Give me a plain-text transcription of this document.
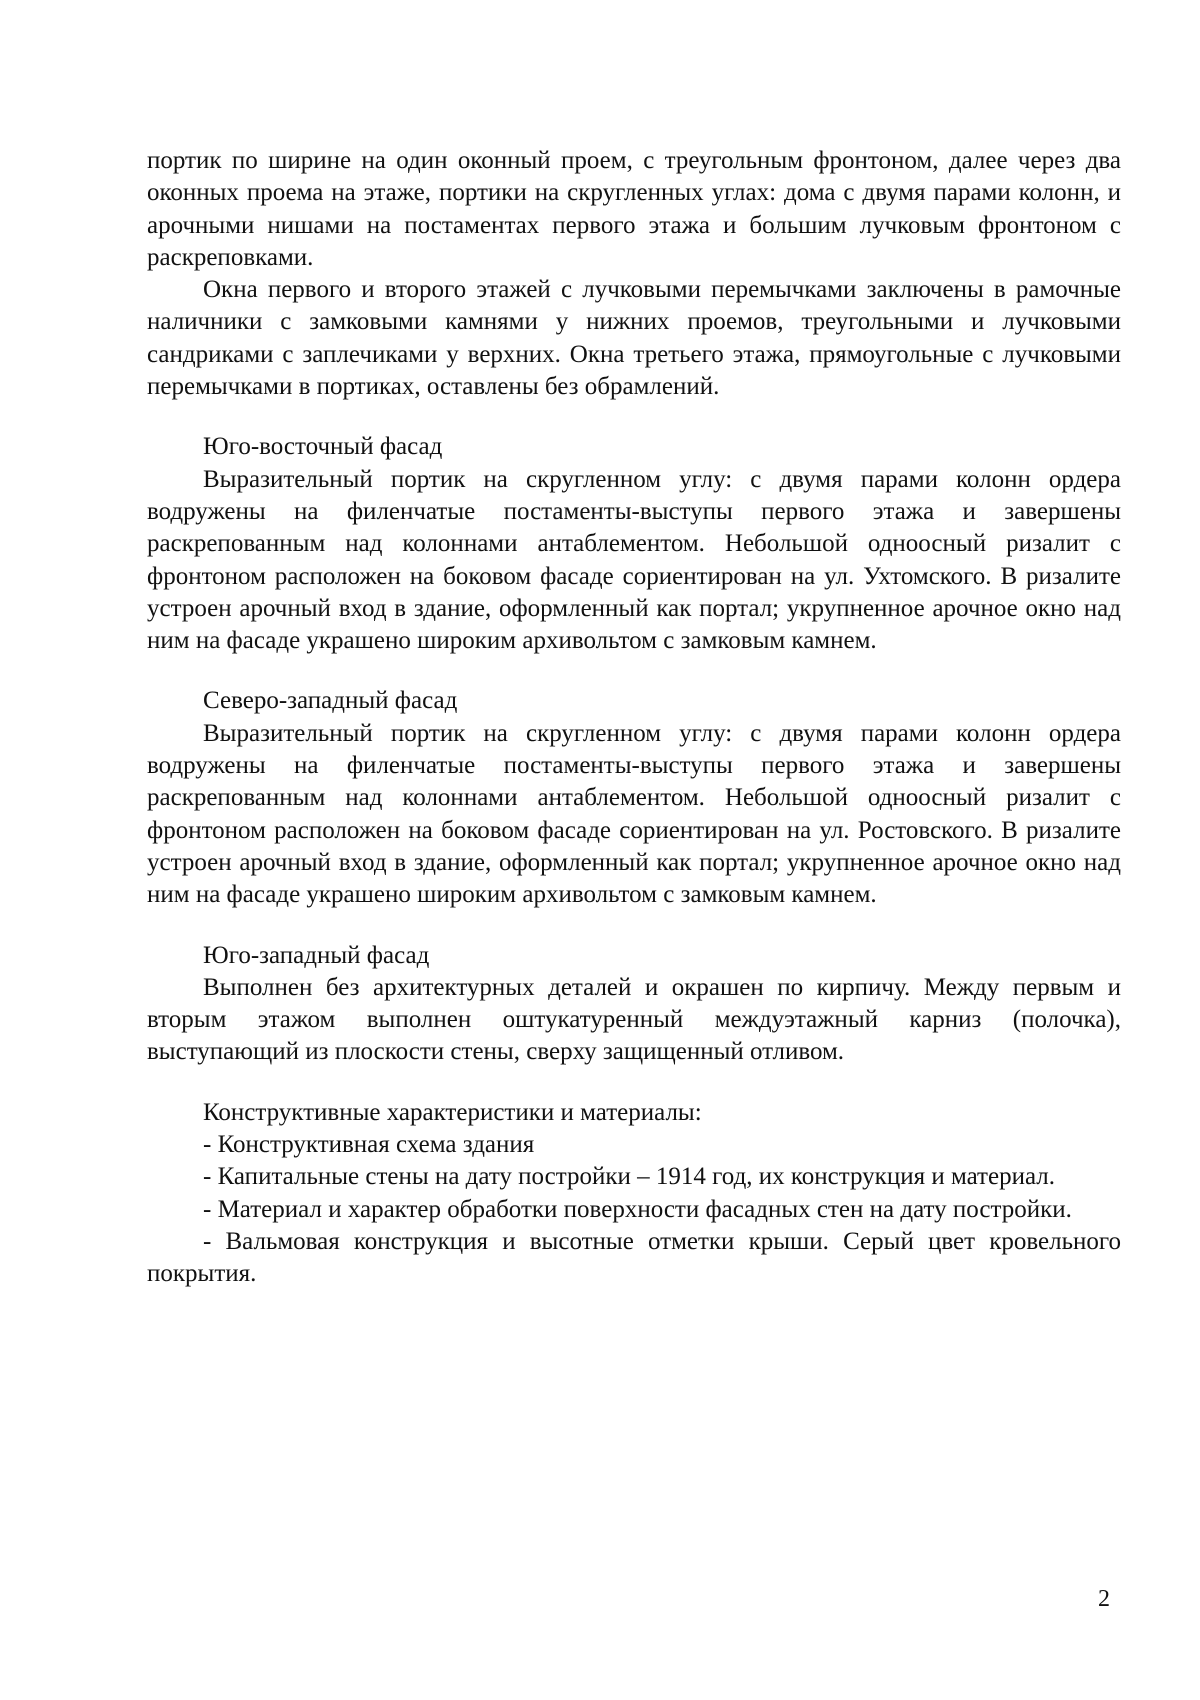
портик по ширине на один оконный проем, с треугольным фронтоном, далее через два оконных проема на этаже, портики на скругленных углах: дома с двумя парами колонн, и арочными нишами на постаментах первого этажа и большим лучковым фронтоном с раскреповками.

Окна первого и второго этажей с лучковыми перемычками заключены в рамочные наличники с замковыми камнями у нижних проемов, треугольными и лучковыми сандриками с заплечиками у верхних. Окна третьего этажа, прямоугольные с лучковыми перемычками в портиках, оставлены без обрамлений.

Юго-восточный фасад

Выразительный портик на скругленном углу: с двумя парами колонн ордера водружены на филенчатые постаменты-выступы первого этажа и завершены раскрепованным над колоннами антаблементом. Небольшой одноосный ризалит с фронтоном расположен на боковом фасаде сориентирован на ул. Ухтомского. В ризалите устроен арочный вход в здание, оформленный как портал; укрупненное арочное окно над ним на фасаде украшено широким архивольтом с замковым камнем.

Северо-западный фасад

Выразительный портик на скругленном углу: с двумя парами колонн ордера водружены на филенчатые постаменты-выступы первого этажа и завершены раскрепованным над колоннами антаблементом. Небольшой одноосный ризалит с фронтоном расположен на боковом фасаде сориентирован на ул. Ростовского. В ризалите устроен арочный вход в здание, оформленный как портал; укрупненное арочное окно над ним на фасаде украшено широким архивольтом с замковым камнем.

Юго-западный фасад

Выполнен без архитектурных деталей и окрашен по кирпичу. Между первым и вторым этажом выполнен оштукатуренный междуэтажный карниз (полочка), выступающий из плоскости стены, сверху защищенный отливом.

Конструктивные характеристики и материалы:

- Конструктивная схема здания

- Капитальные стены на дату постройки – 1914 год, их конструкция и материал.

- Материал и характер обработки поверхности фасадных стен на дату постройки.

- Вальмовая конструкция и высотные отметки крыши. Серый цвет кровельного покрытия.

2
